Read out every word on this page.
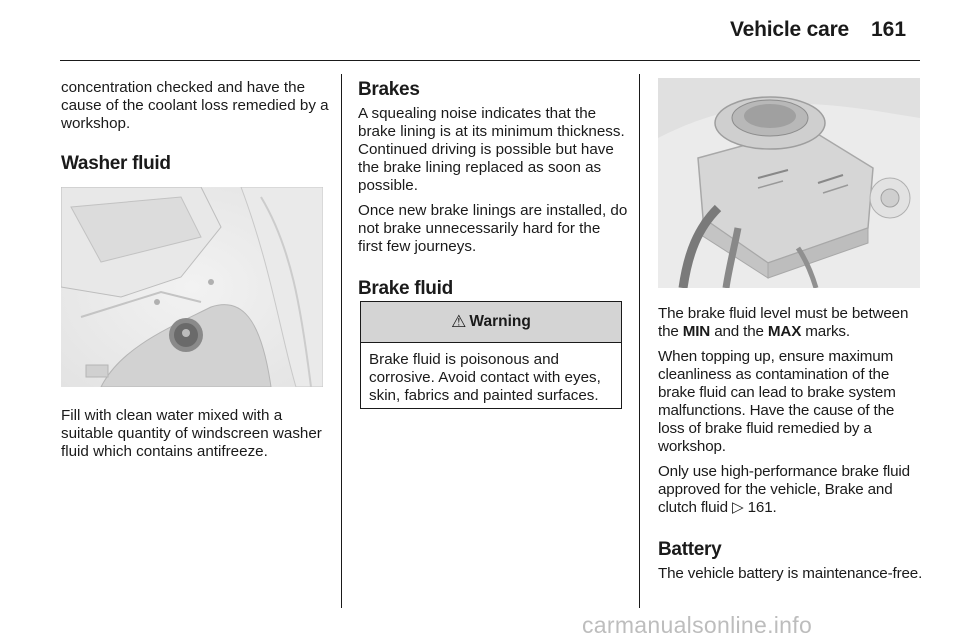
Vehicle care 161

concentration checked and have the cause of the coolant loss remedied by a workshop.

Washer fluid

Fill with clean water mixed with a suitable quantity of windscreen washer fluid which contains antifreeze.

Brakes

A squealing noise indicates that the brake lining is at its minimum thickness. Continued driving is possible but have the brake lining replaced as soon as possible.

Once new brake linings are installed, do not brake unnecessarily hard for the first few journeys.

Brake fluid
⚠ Warning
Brake fluid is poisonous and corrosive. Avoid contact with eyes, skin, fabrics and painted surfaces.

The brake fluid level must be between the MIN and the MAX marks.

When topping up, ensure maximum cleanliness as contamination of the brake fluid can lead to brake system malfunctions. Have the cause of the loss of brake fluid remedied by a workshop.

Only use high-performance brake fluid approved for the vehicle, Brake and clutch fluid ▷ 161.

Battery

The vehicle battery is maintenance-free.

carmanualsonline.info
